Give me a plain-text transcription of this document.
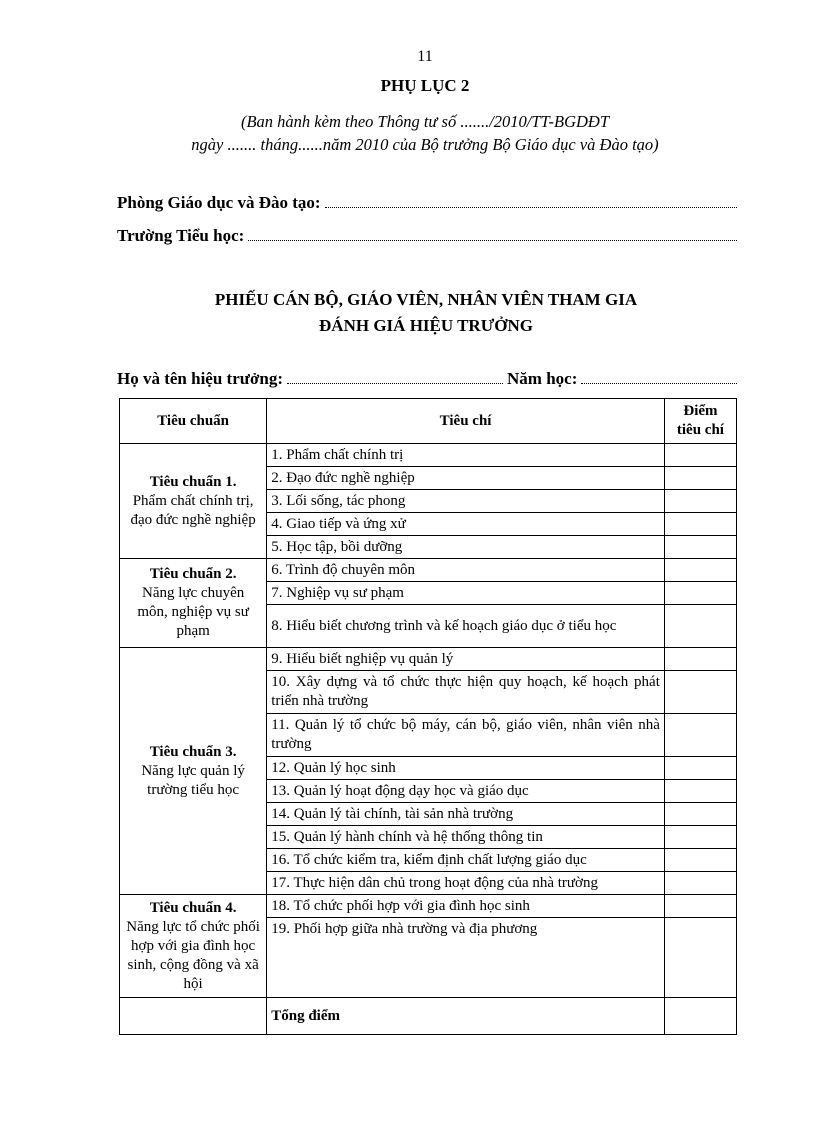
11
PHỤ LỤC 2
(Ban hành kèm theo Thông tư số ......./2010/TT-BGDĐT
ngày ....... tháng......năm 2010 của Bộ trưởng Bộ Giáo dục và Đào tạo)
Phòng Giáo dục và Đào tạo:
Trường Tiểu học:
PHIẾU CÁN BỘ, GIÁO VIÊN, NHÂN VIÊN THAM GIA
ĐÁNH GIÁ HIỆU TRƯỞNG
Họ và tên hiệu trưởng:	Năm học:
Tiêu chuẩn	Tiêu chí	Điểm
tiêu chí

Tiêu chuẩn 1.
Phẩm chất chính trị, đạo đức nghề nghiệp	1. Phẩm chất chính trị	
	2. Đạo đức nghề nghiệp	
	3. Lối sống, tác phong	
	4. Giao tiếp và ứng xử	
	5. Học tập, bồi dưỡng	

Tiêu chuẩn 2.
Năng lực chuyên môn, nghiệp vụ sư phạm	6. Trình độ chuyên môn	
	7. Nghiệp vụ sư phạm	
	8. Hiểu biết chương trình và kế hoạch giáo dục ở tiểu học	

Tiêu chuẩn 3.
Năng lực quản lý trường tiểu học	9. Hiểu biết nghiệp vụ quản lý	
	10. Xây dựng và tổ chức thực hiện quy hoạch, kế hoạch phát triển nhà trường	
	11. Quản lý tổ chức bộ máy, cán bộ, giáo viên, nhân viên nhà trường	
	12. Quản lý học sinh	
	13. Quản lý hoạt động dạy học và giáo dục	
	14. Quản lý tài chính, tài sản nhà trường	
	15. Quản lý hành chính và hệ thống thông tin	
	16. Tổ chức kiểm tra, kiểm định chất lượng giáo dục	
	17. Thực hiện dân chủ trong hoạt động của nhà trường	

Tiêu chuẩn 4.
Năng lực tổ chức phối hợp với gia đình học sinh, cộng đồng và xã hội	18. Tổ chức phối hợp với gia đình học sinh	
	19. Phối hợp giữa nhà trường và địa phương	
	Tổng điểm	
